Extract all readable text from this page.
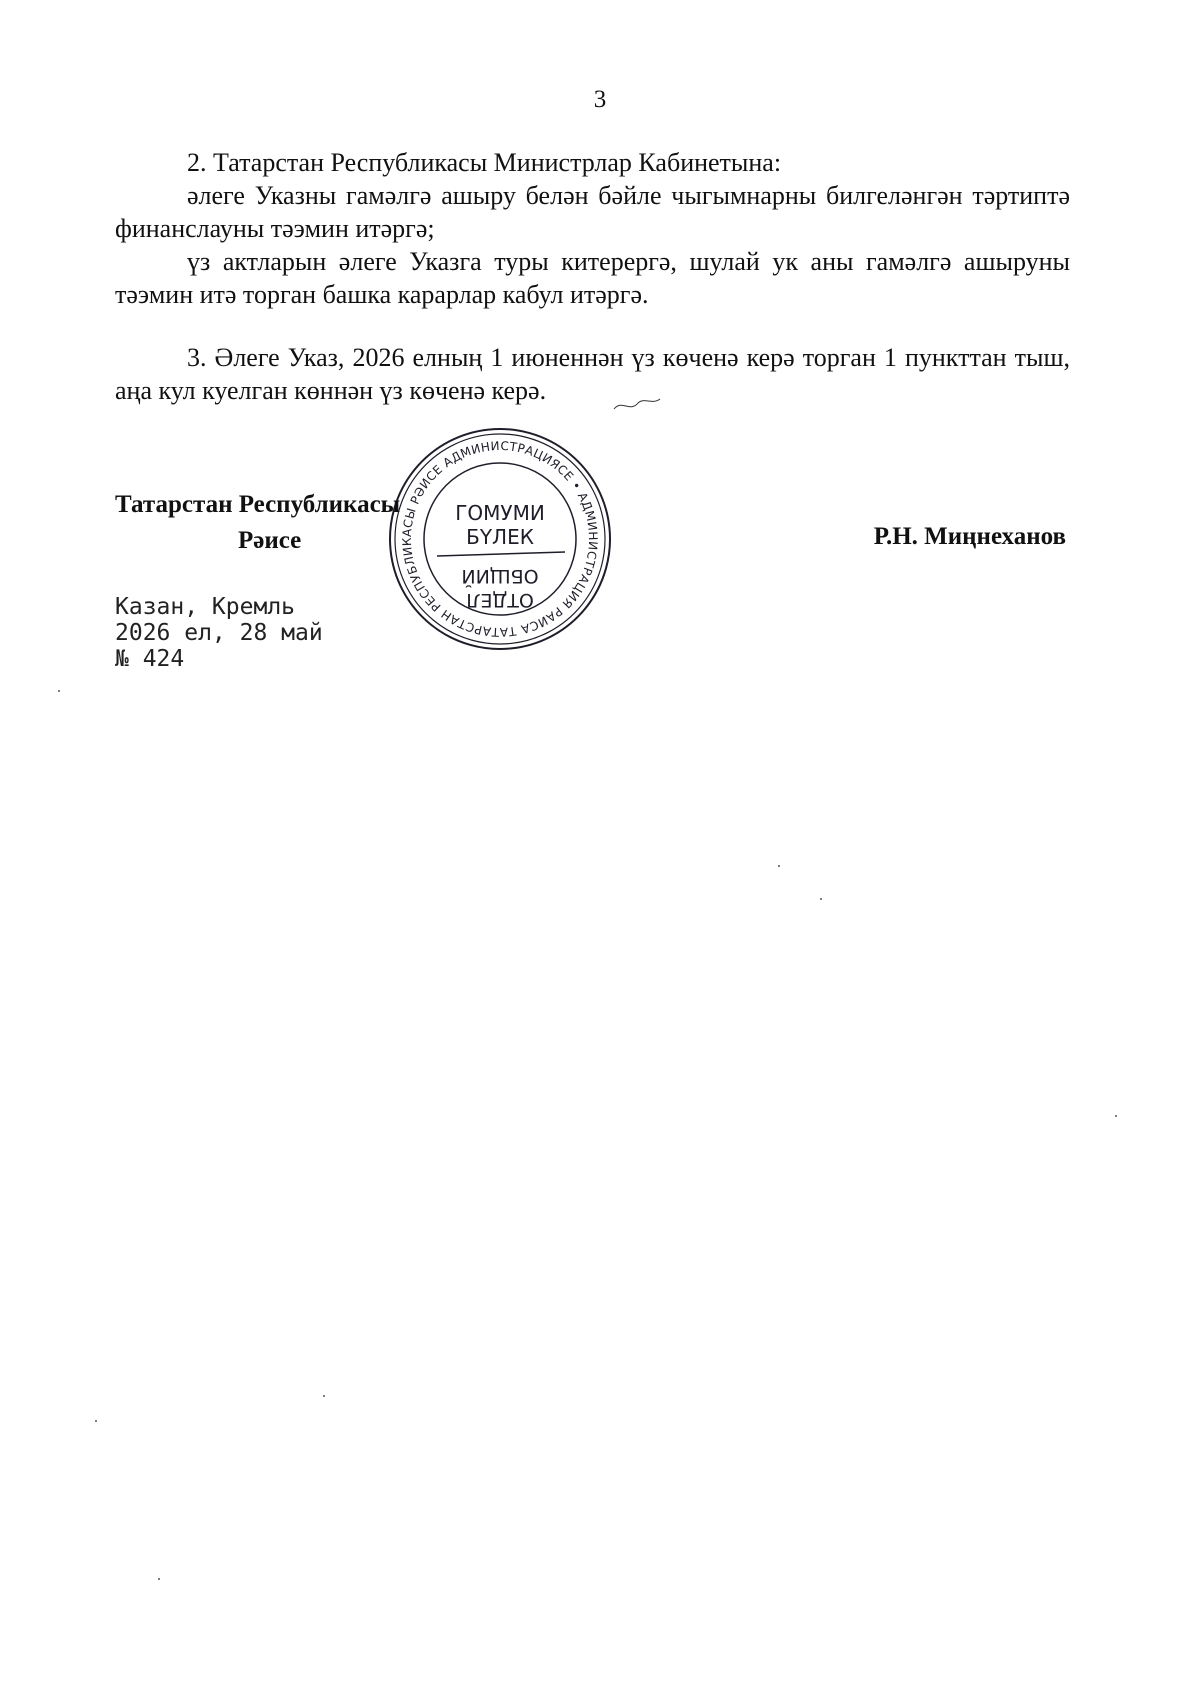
3

2. Татарстан Республикасы Министрлар Кабинетына:

әлеге Указны гамәлгә ашыру белән бәйле чыгымнарны билгеләнгән тәртиптә финанслауны тәэмин итәргә;

үз актларын әлеге Указга туры китерергә, шулай ук аны гамәлгә ашыруны тәэмин итә торган башка карарлар кабул итәргә.

3. Әлеге Указ, 2026 елның 1 июненнән үз көченә керә торган 1 пункттан тыш, аңа кул куелган көннән үз көченә керә.

ТАТАРСТАН РЕСПУБЛИКАСЫ РӘИСЕ АДМИНИСТРАЦИЯСЕ • АДМИНИСТРАЦИЯ РАИСА
ГОМУМИ
БҮЛЕК
ОТДЕЛ
ОБЩИЙ
Татарстан Республикасы
Рәисе	Р.Н. Миңнеханов
Казан, Кремль
2026 ел, 28 май
№ 424
